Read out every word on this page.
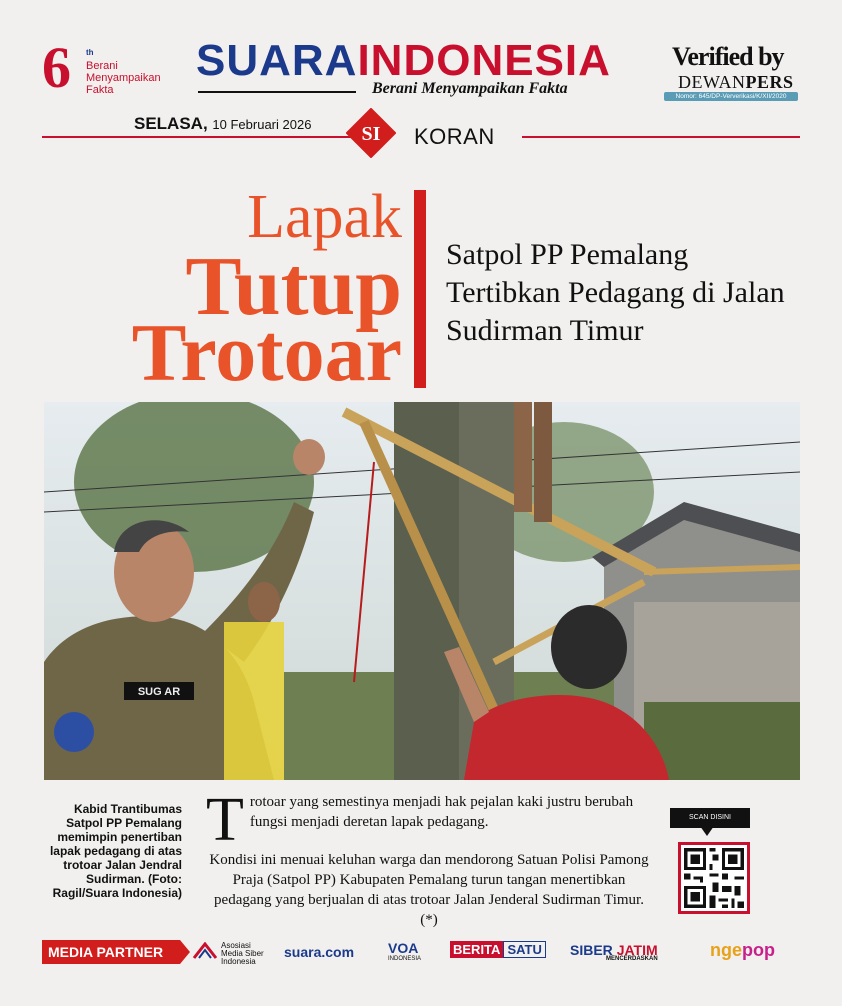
6 th
Berani Menyampaikan Fakta
SUARAINDONESIA
Berani Menyampaikan Fakta
Verified by
DEWANPERS
Nomor: 645/DP-Ververikasi/K/XII/2020
SELASA, 10 Februari 2026	SI KORAN
Lapak
Tutup
Trotoar
Satpol PP Pemalang Tertibkan Pedagang di Jalan Sudirman Timur
SUG AR
Kabid Trantibumas Satpol PP Pemalang memimpin penertiban lapak pedagang di atas trotoar Jalan Jendral Sudirman. (Foto: Ragil/Suara Indonesia)
T rotoar yang semestinya menjadi hak pejalan kaki justru berubah fungsi menjadi deretan lapak pedagang.

Kondisi ini menuai keluhan warga dan mendorong Satuan Polisi Pamong Praja (Satpol PP) Kabupaten Pemalang turun tangan menertibkan pedagang yang berjualan di atas trotoar Jalan Jenderal Sudirman Timur. (*)

SCAN DISINI
MEDIA PARTNER	Asosiasi
Media Siber
Indonesia
suara.com VOA
INDONESIA
BERITA SATU SIBER JATIM
MENCERDASKAN	ngepop
